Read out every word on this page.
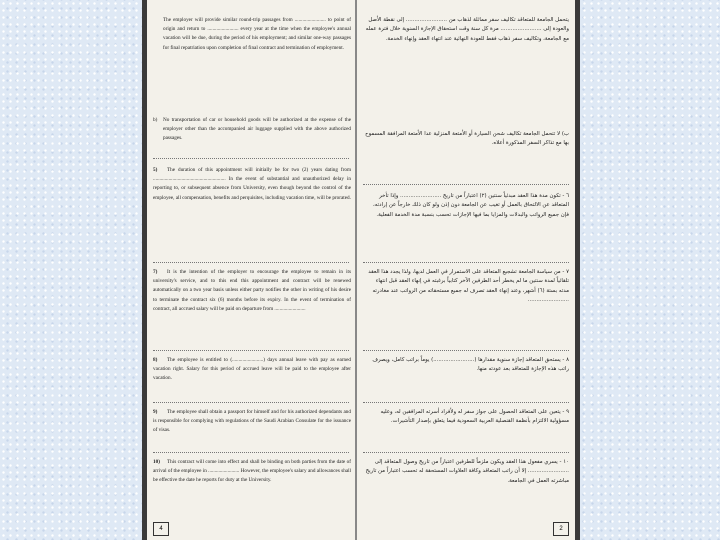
The employer will provide similar round-trip passages from ........................ to point of origin and return to ........................ every year at the time when the employee's annual vacation will be due, during the period of his employment; and similar one-way passages for final repatriation upon completion of final contract and termination of employment.
b) No transportation of car or household goods will be authorized at the expense of the employer other than the accompanied air luggage supplied with the above authorized passages.
5) The duration of this appointment will initially be for two (2) years dating from ........................................................ In the event of substantial and unauthorized delay in reporting to, or subsequent absence from University, even though beyond the control of the employee, all compensation, benefits and perquisites, including vacation time, will be prorated.
7) It is the intention of the employer to encourage the employee to remain in its university's service, and to this end this appointment and contract will be renewed automatically on a two year basis unless either party notifies the other in writing of his desire to terminate the contract six (6) months before its expiry. In the event of termination of contract, all accrued salary will be paid on departure from ........................
8) The employee is entitled to (........................) days annual leave with pay as earned vacation right. Salary for this period of accrued leave will be paid to the employee after vacation.
9) The employee shall obtain a passport for himself and for his authorized dependants and is responsible for complying with regulations of the Saudi Arabian Consulate for the issuance of visas.
10) This contract will come into effect and shall be binding on both parties from the date of arrival of the employee in ........................ However, the employee's salary and allowances shall be effective the date he reports for duty at the University.
4
يتحمل الجامعة للمتعاقد تكاليف سفر مماثلة لذهاب من ........................ إلى نقطة الأصل والعودة إلى ........................ مرة كل سنة وقت استحقاق الإجازة السنوية خلال فترة عمله مع الجامعة، وتكاليف سفر ذهاب فقط للعودة النهائية عند انتهاء العقد وإنهاء الخدمة.
ب) لا تتحمل الجامعة تكاليف شحن السيارة أو الأمتعة المنزلية عدا الأمتعة المرافقة المسموح بها مع تذاكر السفر المذكورة أعلاه.
٦ - تكون مدة هذا العقد مبدئياً سنتين (٢) اعتباراً من تاريخ ........................ وإذا تأخر المتعاقد عن الالتحاق بالعمل أو تغيب عن الجامعة دون إذن ولو كان ذلك خارجاً عن إرادته، فإن جميع الرواتب والبدلات والمزايا بما فيها الإجازات تحسب بنسبة مدة الخدمة الفعلية.
٧ - من سياسة الجامعة تشجيع المتعاقد على الاستمرار في العمل لديها، ولذا يجدد هذا العقد تلقائياً لمدة سنتين ما لم يخطر أحد الطرفين الآخر كتابياً برغبته في إنهاء العقد قبل انتهاء مدته بستة (٦) أشهر، وعند إنهاء العقد تصرف له جميع مستحقاته من الرواتب عند مغادرته ........................
٨ - يستحق المتعاقد إجازة سنوية مقدارها (........................) يوماً براتب كامل، ويصرف راتب هذه الإجازة للمتعاقد بعد عودته منها.
٩ - يتعين على المتعاقد الحصول على جواز سفر له ولأفراد أسرته المرافقين له، وعليه مسؤولية الالتزام بأنظمة القنصلية العربية السعودية فيما يتعلق بإصدار التأشيرات.
١٠ - يسري مفعول هذا العقد ويكون ملزماً للطرفين اعتباراً من تاريخ وصول المتعاقد إلى ........................ إلا أن راتب المتعاقد وكافة العلاوات المستحقة له تحسب اعتباراً من تاريخ مباشرته العمل في الجامعة.
2
